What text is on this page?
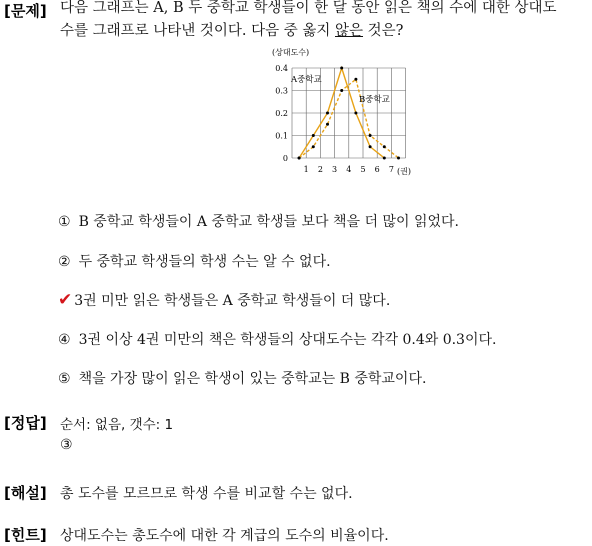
[문제] 다음 그래프는 A, B 두 중학교 학생들이 한 달 동안 읽은 책의 수에 대한 상대도
수를 그래프로 나타낸 것이다. 다음 중 옳지 않은 것은?
0
0.1
0.2
0.3
0.4
1 2 3 4 5 6 7
(상대도수)
(권)
A중학교
B중학교
① B 중학교 학생들이 A 중학교 학생들 보다 책을 더 많이 읽었다.
② 두 중학교 학생들의 학생 수는 알 수 없다.
✔ 3권 미만 읽은 학생들은 A 중학교 학생들이 더 많다.
④ 3권 이상 4권 미만의 책은 학생들의 상대도수는 각각 0.4와 0.3이다.
⑤ 책을 가장 많이 읽은 학생이 있는 중학교는 B 중학교이다.
[정답] 순서: 없음, 갯수: 1
③
[해설] 총 도수를 모르므로 학생 수를 비교할 수는 없다.
[힌트] 상대도수는 총도수에 대한 각 계급의 도수의 비율이다.
